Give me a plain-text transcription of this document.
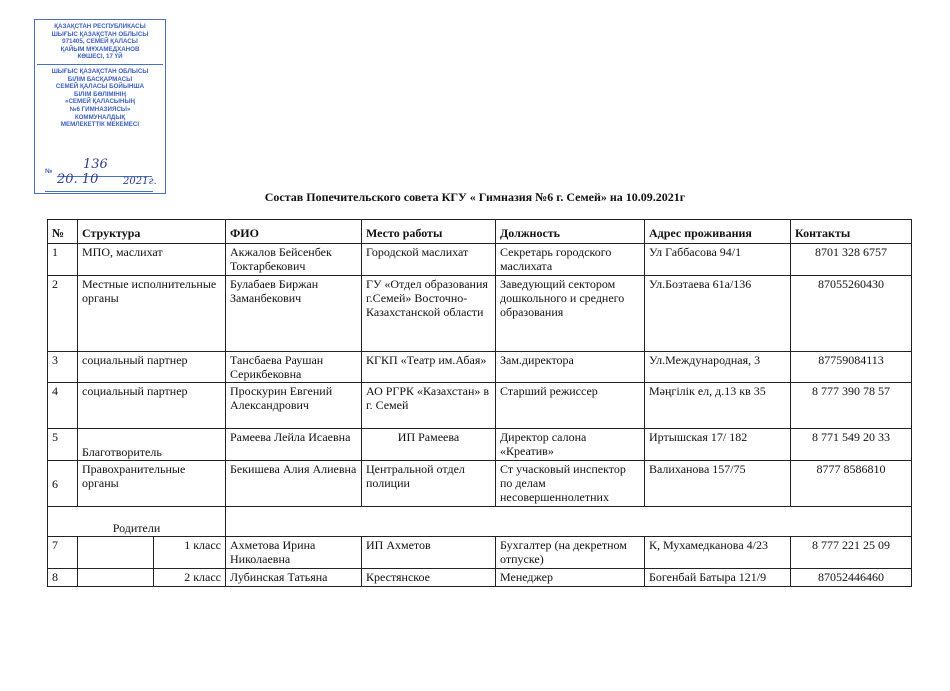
ҚАЗАҚСТАН РЕСПУБЛИКАСЫ
ШЫҒЫС ҚАЗАҚСТАН ОБЛЫСЫ
071405, СЕМЕЙ ҚАЛАСЫ
ҚАЙЫМ МҰХАМЕДХАНОВ
КӨШЕСІ, 17 ҮЙ
ШЫҒЫС ҚАЗАҚСТАН ОБЛЫСЫ
БІЛІМ БАСҚАРМАСЫ
СЕМЕЙ ҚАЛАСЫ БОЙЫНША
БІЛІМ БӨЛІМІНІҢ
«СЕМЕЙ ҚАЛАСЫНЫҢ
№6 ГИМНАЗИЯСЫ»
КОММУНАЛДЫҚ
МЕМЛЕКЕТТІК МЕКЕМЕСІ
№ 136
20. 10 2021г.
Состав Попечительского совета КГУ « Гимназия №6 г. Семей» на 10.09.2021г
№	Структура		ФИО	Место работы	Должность	Адрес проживания	Контакты
1	МПО, маслихат		Акжалов Бейсенбек Токтарбекович	Городской маслихат	Секретарь городского маслихата	Ул Габбасова 94/1	8701 328 6757
2	Местные исполнительные органы		Булабаев Биржан Заманбекович	ГУ «Отдел образования г.Семей» Восточно-Казахстанской области	Заведующий сектором дошкольного и среднего образования	Ул.Бозтаева 61а/136	87055260430
3	социальный партнер		Тансбаева Раушан Серикбековна	КГКП «Театр им.Абая»	Зам.директора	Ул.Международная, 3	87759084113
4	социальный партнер		Проскурин Евгений Александрович	АО РГРК «Казахстан» в г. Семей	Старший режиссер	Мәңгілік ел, д.13 кв 35	8 777 390 78 57
5	Благотворитель		Рамеева Лейла Исаевна	ИП Рамеева	Директор салона «Креатив»	Иртышская 17/ 182	8 771 549 20 33
6	Правохранительные органы		Бекишева Алия Алиевна	Центральной отдел полиции	Ст учасковый инспектор по делам несовершеннолетних	Валиханова 157/75	8777 8586810
Родители							
7		1 класс	Ахметова Ирина Николаевна	ИП Ахметов	Бухгалтер (на декретном отпуске)	К, Мухамедканова 4/23	8 777 221 25 09
8		2 класс	Лубинская Татьяна	Крестянское	Менеджер	Богенбай Батыра 121/9	87052446460
